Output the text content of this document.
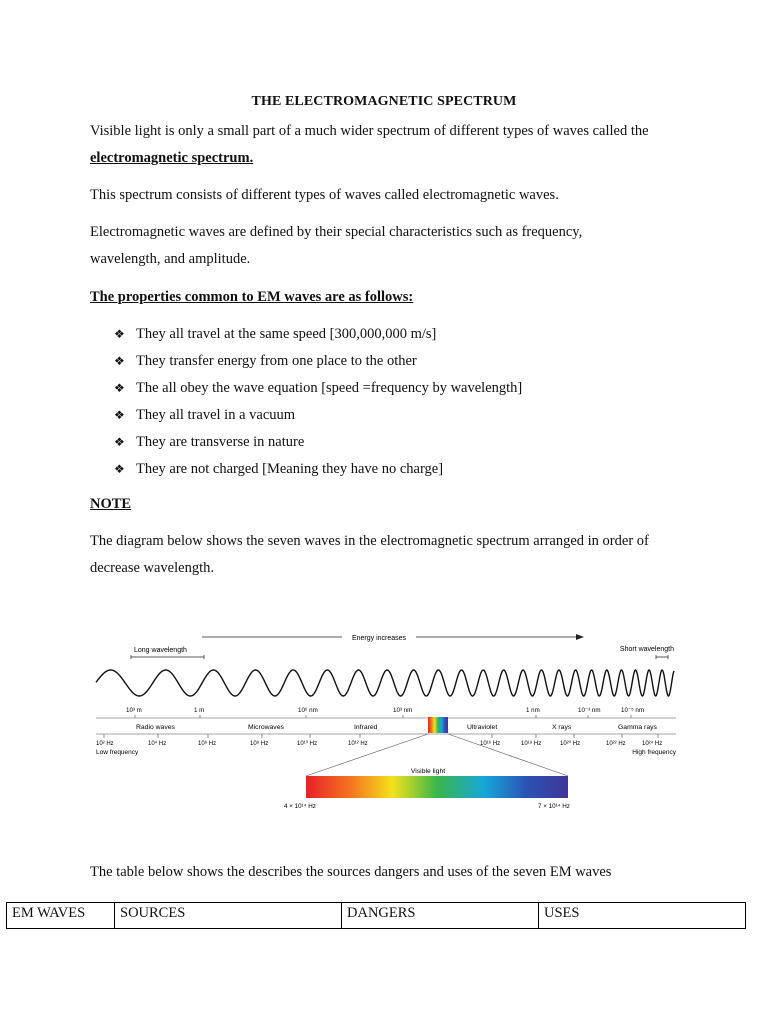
THE ELECTROMAGNETIC SPECTRUM

Visible light is only a small part of a much wider spectrum of different types of waves called the
electromagnetic spectrum.

This spectrum consists of different types of waves called electromagnetic waves.

Electromagnetic waves are defined by their special characteristics such as frequency, wavelength, and amplitude.

The properties common to EM waves are as follows:

❖ They all travel at the same speed [300,000,000 m/s]
❖ They transfer energy from one place to the other
❖ The all obey the wave equation [speed =frequency by wavelength]
❖ They all travel in a vacuum
❖ They are transverse in nature
❖ They are not charged [Meaning they have no charge]

NOTE

The diagram below shows the seven waves in the electromagnetic spectrum arranged in order of decrease wavelength.

Energy increases
Long wavelength	Short wavelength
10³ m	1 m	10⁶ nm	10³ nm	1 nm	10⁻³ nm	10⁻⁵ nm
Radio waves	Microwaves	Infrared	Ultraviolet	X rays	Gamma rays
10² Hz	10⁴ Hz	10⁶ Hz	10⁸ Hz	10¹⁰ Hz	10¹² Hz	10¹⁶ Hz	10¹⁸ Hz	10²⁰ Hz	10²² Hz	10²⁴ Hz
Low frequency	High frequency
Visible light
4 × 10¹⁴ Hz	7 × 10¹⁴ Hz

The table below shows the describes the sources dangers and uses of the seven EM waves

EM WAVES	SOURCES	DANGERS	USES
